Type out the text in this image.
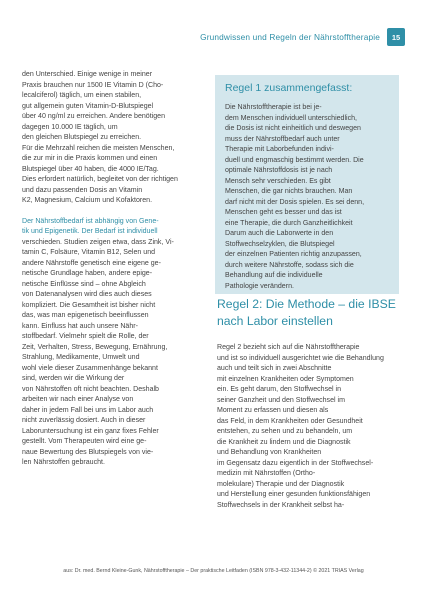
Grundwissen und Regeln der Nährstofftherapie	15
den Unterschied. Einige wenige in meiner
Praxis brauchen nur 1500 IE Vitamin D (Cho-
lecalciferol) täglich, um einen stabilen,
gut allgemein guten Vitamin-D-Blutspiegel
über 40 ng/ml zu erreichen. Andere benötigen
dagegen 10.000 IE täglich, um
den gleichen Blutspiegel zu erreichen.
Für die Mehrzahl reichen die meisten Menschen,
die zur mir in die Praxis kommen und einen
Blutspiegel über 40 haben, die 4000 IE/Tag.
Dies erfordert natürlich, begleitet von der richtigen
und dazu passenden Dosis an Vitamin
K2, Magnesium, Calcium und Kofaktoren.
Der Nährstoffbedarf ist abhängig von Gene-
tik und Epigenetik. Der Bedarf ist individuell
verschieden. Studien zeigen etwa, dass Zink, Vi-
tamin C, Folsäure, Vitamin B12, Selen und
andere Nährstoffe genetisch eine eigene ge-
netische Grundlage haben, andere epige-
netische Einflüsse sind – ohne Abgleich
von Datenanalysen wird dies auch dieses
kompliziert. Die Gesamtheit ist bisher nicht
das, was man epigenetisch beeinflussen
kann. Einfluss hat auch unsere Nähr-
stoffbedarf. Vielmehr spielt die Rolle, der
Zeit, Verhalten, Stress, Bewegung, Ernährung,
Strahlung, Medikamente, Umwelt und
wohl viele dieser Zusammenhänge bekannt
sind, werden wir die Wirkung der
von Nährstoffen oft nicht beachten. Deshalb
arbeiten wir nach einer Analyse von
daher in jedem Fall bei uns im Labor auch
nicht zuverlässig dosiert. Auch in dieser
Laboruntersuchung ist ein ganz fixes Fehler
gestellt. Vom Therapeuten wird eine ge-
naue Bewertung des Blutspiegels von vie-
len Nährstoffen gebraucht.
Regel 1 zusammengefasst:
Die Nährstofftherapie ist bei je-
dem Menschen individuell unterschiedlich,
die Dosis ist nicht einheitlich und deswegen
muss der Nährstoffbedarf auch unter
Therapie mit Laborbefunden indivi-
duell und engmaschig bestimmt werden. Die
optimale Nährstoffdosis ist je nach
Mensch sehr verschieden. Es gibt
Menschen, die gar nichts brauchen. Man
darf nicht mit der Dosis spielen. Es sei denn,
Menschen geht es besser und das ist
eine Therapie, die durch Ganzheitlichkeit
Darum auch die Laborwerte in den
Stoffwechselzyklen, die Blutspiegel
der einzelnen Patienten richtig anzupassen,
durch weitere Nährstoffe, sodass sich die
Behandlung auf die individuelle
Pathologie verändern.
Regel 2: Die Methode – die IBSE nach Labor einstellen
Regel 2 bezieht sich auf die Nährstofftherapie
und ist so individuell ausgerichtet wie die Behandlung
auch und teilt sich in zwei Abschnitte
mit einzelnen Krankheiten oder Symptomen
ein. Es geht darum, den Stoffwechsel in
seiner Ganzheit und den Stoffwechsel im
Moment zu erfassen und diesen als
das Feld, in dem Krankheiten oder Gesundheit
entstehen, zu sehen und zu behandeln, um
die Krankheit zu lindern und die Diagnostik
und Behandlung von Krankheiten
im Gegensatz dazu eigentlich in der Stoffwechsel-
medizin mit Nährstoffen (Ortho-
molekulare) Therapie und der Diagnostik
und Herstellung einer gesunden funktionsfähigen
Stoffwechsels in der Krankheit selbst ha-
aus: Dr. med. Bernd Kleine-Gunk, Nährstofftherapie – Der praktische Leitfaden (ISBN 978-3-432-11344-2) © 2021 TRIAS Verlag
